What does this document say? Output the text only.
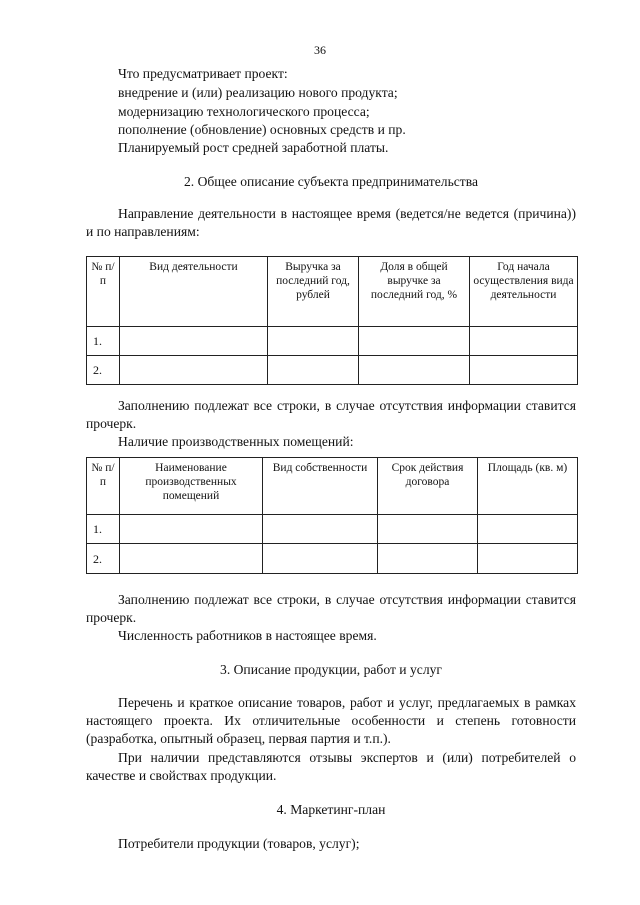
36
Что предусматривает проект:
внедрение и (или) реализацию нового продукта;
модернизацию технологического процесса;
пополнение (обновление) основных средств и пр.
Планируемый рост средней заработной платы.
2. Общее описание субъекта предпринимательства
Направление деятельности в настоящее время (ведется/не ведется (причина)) и по направлениям:
№ п/п	Вид деятельности	Выручка за последний год, рублей	Доля в общей выручке за последний год, %	Год начала осуществления вида деятельности
1.				
2.				
Заполнению подлежат все строки, в случае отсутствия информации ставится прочерк.
Наличие производственных помещений:
№ п/п	Наименование производственных помещений	Вид собственности	Срок действия договора	Площадь (кв. м)
1.				
2.				
Заполнению подлежат все строки, в случае отсутствия информации ставится прочерк.
Численность работников в настоящее время.
3. Описание продукции, работ и услуг
Перечень и краткое описание товаров, работ и услуг, предлагаемых в рамках настоящего проекта. Их отличительные особенности и степень готовности (разработка, опытный образец, первая партия и т.п.).
При наличии представляются отзывы экспертов и (или) потребителей о качестве и свойствах продукции.
4. Маркетинг-план
Потребители продукции (товаров, услуг);
